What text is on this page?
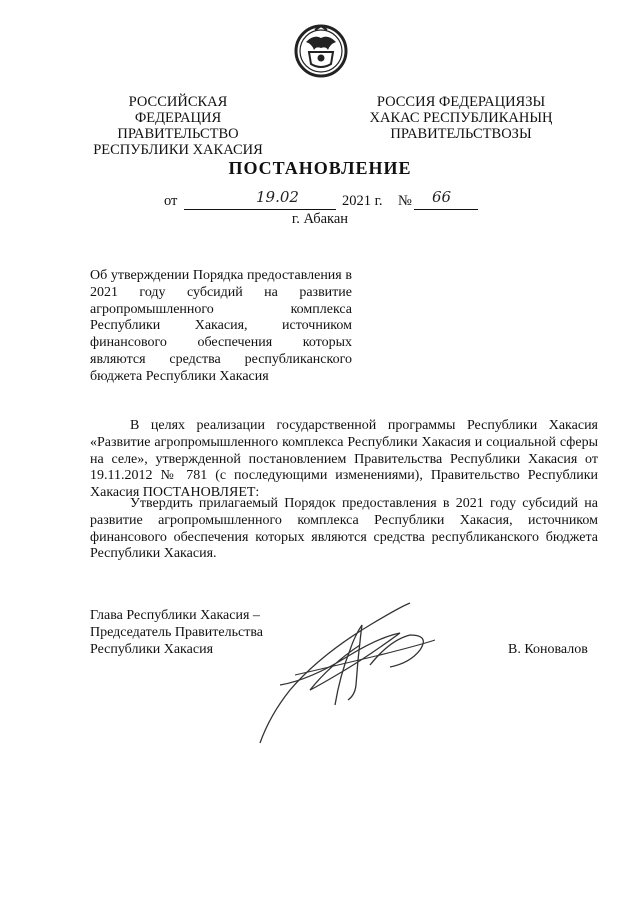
РОССИЙСКАЯ ФЕДЕРАЦИЯ
ПРАВИТЕЛЬСТВО
РЕСПУБЛИКИ ХАКАСИЯ
РОССИЯ ФЕДЕРАЦИЯЗЫ
ХАКАС РЕСПУБЛИКАНЫҢ
ПРАВИТЕЛЬСТВОЗЫ
ПОСТАНОВЛЕНИЕ
от	19.02	2021 г. № 66
г. Абакан

Об утверждении Порядка предоставления в 2021 году субсидий на развитие агропромышленного комплекса Республики Хакасия, источником финансового обеспечения которых являются средства республиканского бюджета Республики Хакасия

В целях реализации государственной программы Республики Хакасия «Развитие агропромышленного комплекса Республики Хакасия и социальной сферы на селе», утвержденной постановлением Правительства Республики Хакасия от 19.11.2012 № 781 (с последующими изменениями), Правительство Республики Хакасия ПОСТАНОВЛЯЕТ:

Утвердить прилагаемый Порядок предоставления в 2021 году субсидий на развитие агропромышленного комплекса Республики Хакасия, источником финансового обеспечения которых являются средства республиканского бюджета Республики Хакасия.

Глава Республики Хакасия –
Председатель Правительства
Республики Хакасия	В. Коновалов
